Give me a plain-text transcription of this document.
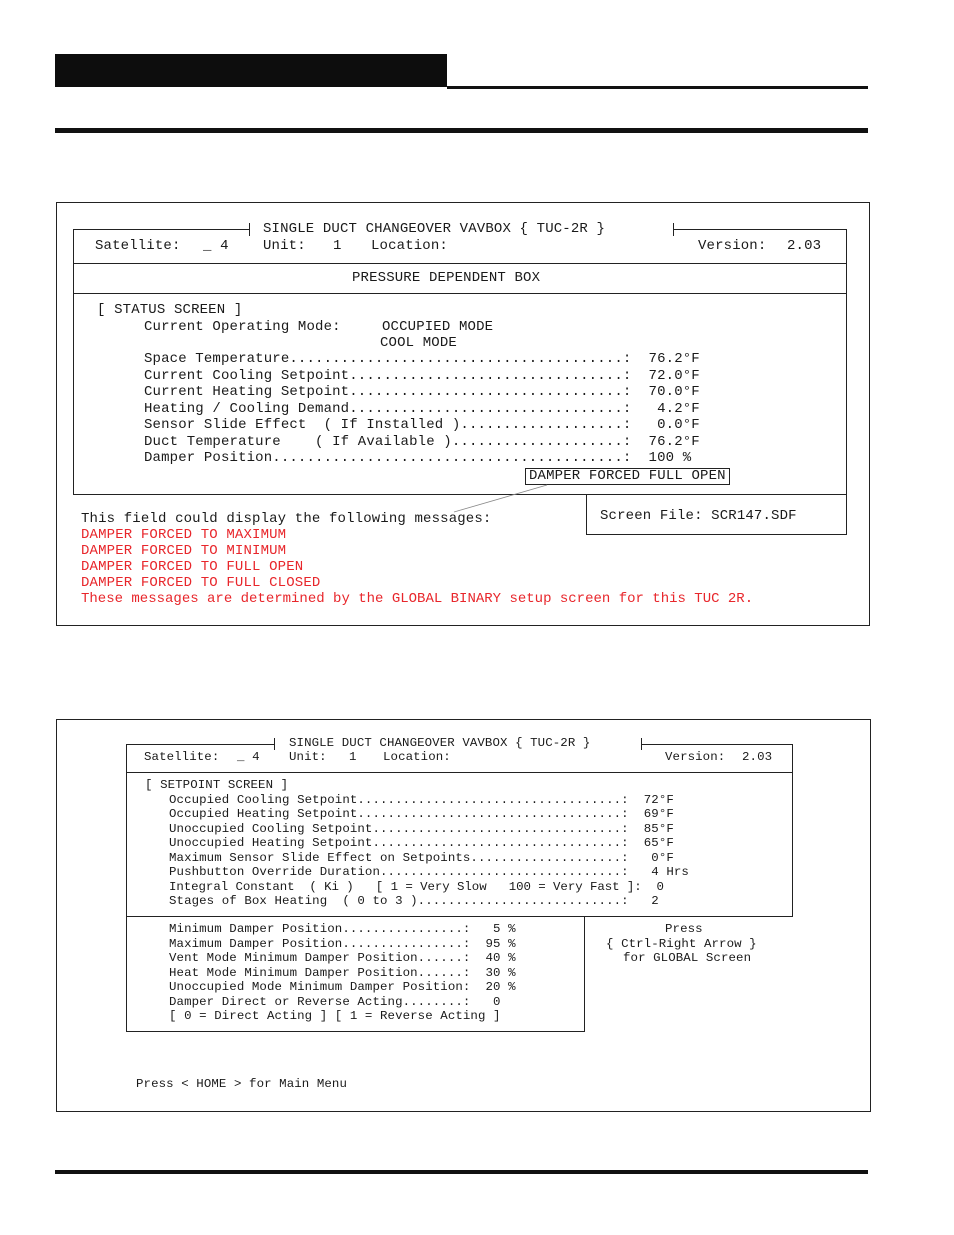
SINGLE DUCT CHANGEOVER VAVBOX { TUC-2R }
Satellite: _ 4 Unit: 1 Location:	Version: 2.03
PRESSURE DEPENDENT BOX
[ STATUS SCREEN ]
Current Operating Mode:	OCCUPIED MODE
COOL MODE
Space Temperature.......................................: 76.2°F
Current Cooling Setpoint................................: 72.0°F
Current Heating Setpoint................................: 70.0°F
Heating / Cooling Demand................................:   4.2°F
Sensor Slide Effect  ( If Installed )...................:   0.0°F
Duct Temperature    ( If Available )....................: 76.2°F
Damper Position.........................................: 100 %
DAMPER FORCED FULL OPEN
Screen File: SCR147.SDF
This field could display the following messages:
DAMPER FORCED TO MAXIMUM
DAMPER FORCED TO MINIMUM
DAMPER FORCED TO FULL OPEN
DAMPER FORCED TO FULL CLOSED
These messages are determined by the GLOBAL BINARY setup screen for this TUC 2R.
SINGLE DUCT CHANGEOVER VAVBOX { TUC-2R }
Satellite: _ 4 Unit: 1 Location:	Version: 2.03
[ SETPOINT SCREEN ]
Occupied Cooling Setpoint...................................: 72°F
Occupied Heating Setpoint...................................: 69°F
Unoccupied Cooling Setpoint.................................: 85°F
Unoccupied Heating Setpoint.................................: 65°F
Maximum Sensor Slide Effect on Setpoints....................:   0°F
Pushbutton Override Duration................................:   4 Hrs
Integral Constant  ( Ki )   [ 1 = Very Slow   100 = Very Fast ]:  0
Stages of Box Heating  ( 0 to 3 )...........................:   2
Minimum Damper Position................:   5 %
Maximum Damper Position................:  95 %
Vent Mode Minimum Damper Position......:  40 %
Heat Mode Minimum Damper Position......:  30 %
Unoccupied Mode Minimum Damper Position:  20 %
Damper Direct or Reverse Acting........:   0
[ 0 = Direct Acting ] [ 1 = Reverse Acting ]
Press
{ Ctrl-Right Arrow }
for GLOBAL Screen
Press < HOME > for Main Menu
